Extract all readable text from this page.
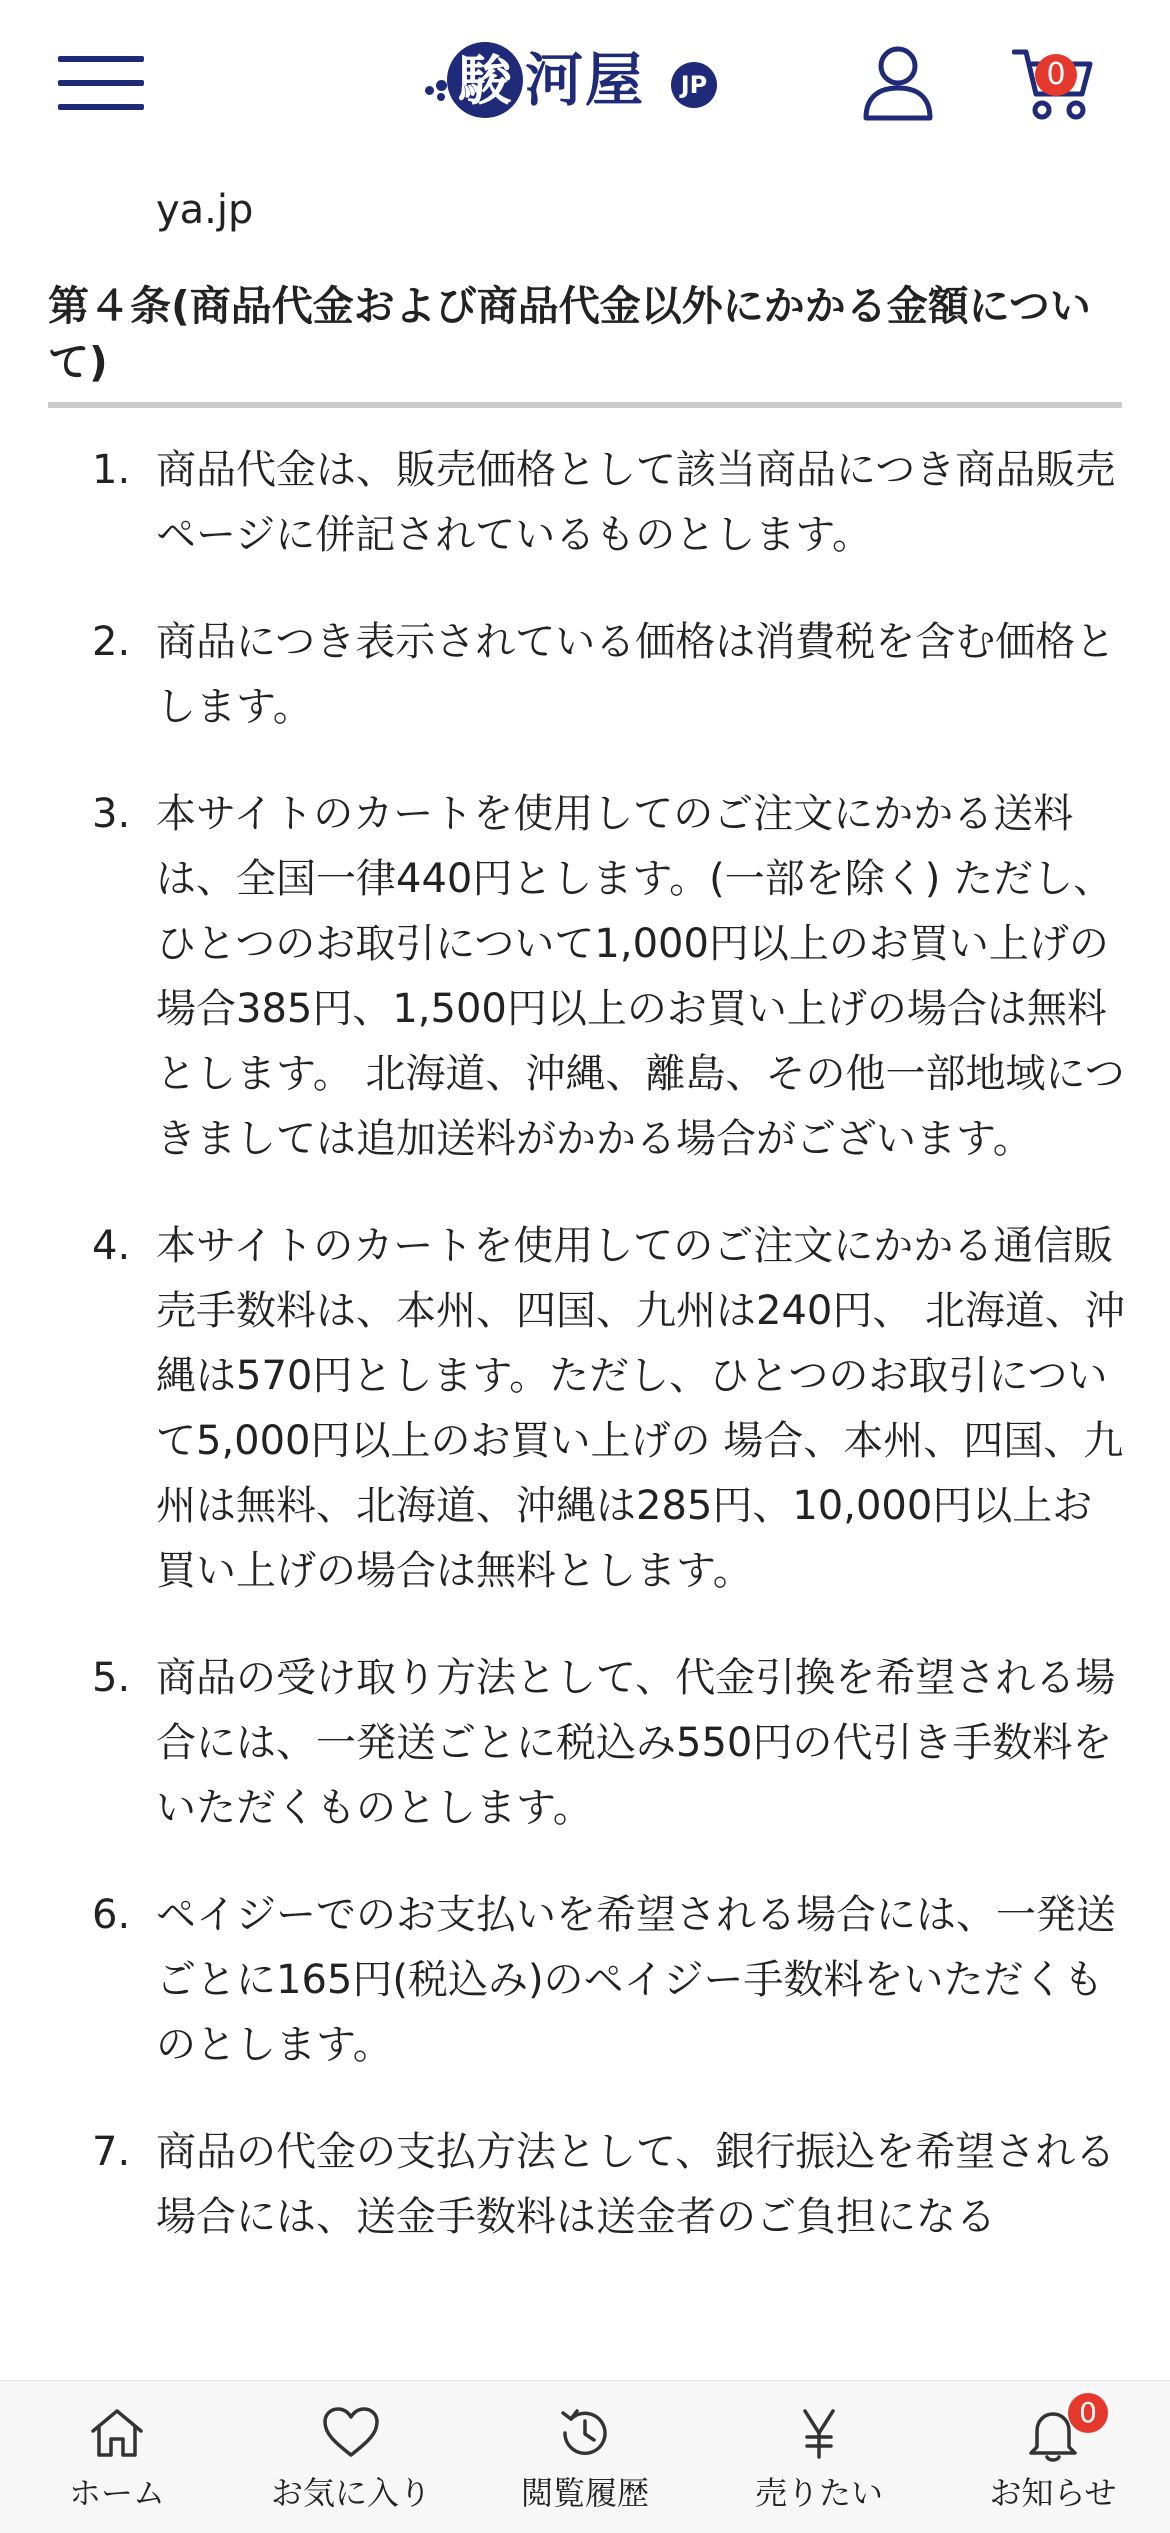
駿 河屋	JP	0
ya.jp
第４条(商品代金および商品代金以外にかかる金額について)
1. 商品代金は、販売価格として該当商品につき商品販売ページに併記されているものとします。
2. 商品につき表示されている価格は消費税を含む価格とします。
3. 本サイトのカートを使用してのご注文にかかる送料は、全国一律440円とします。(一部を除く) ただし、ひとつのお取引について1,000円以上のお買い上げの場合385円、1,500円以上のお買い上げの場合は無料とします。 北海道、沖縄、離島、その他一部地域につきましては追加送料がかかる場合がございます。
4. 本サイトのカートを使用してのご注文にかかる通信販売手数料は、本州、四国、九州は240円、 北海道、沖縄は570円とします。ただし、ひとつのお取引について5,000円以上のお買い上げの 場合、本州、四国、九州は無料、北海道、沖縄は285円、10,000円以上お買い上げの場合は無料とします。
5. 商品の受け取り方法として、代金引換を希望される場合には、一発送ごとに税込み550円の代引き手数料をいただくものとします。
6. ペイジーでのお支払いを希望される場合には、一発送ごとに165円(税込み)のペイジー手数料をいただくものとします。
7. 商品の代金の支払方法として、銀行振込を希望される場合には、送金手数料は送金者のご負担になる
ホーム	お気に入り	閲覧履歴	売りたい
0
お知らせ
